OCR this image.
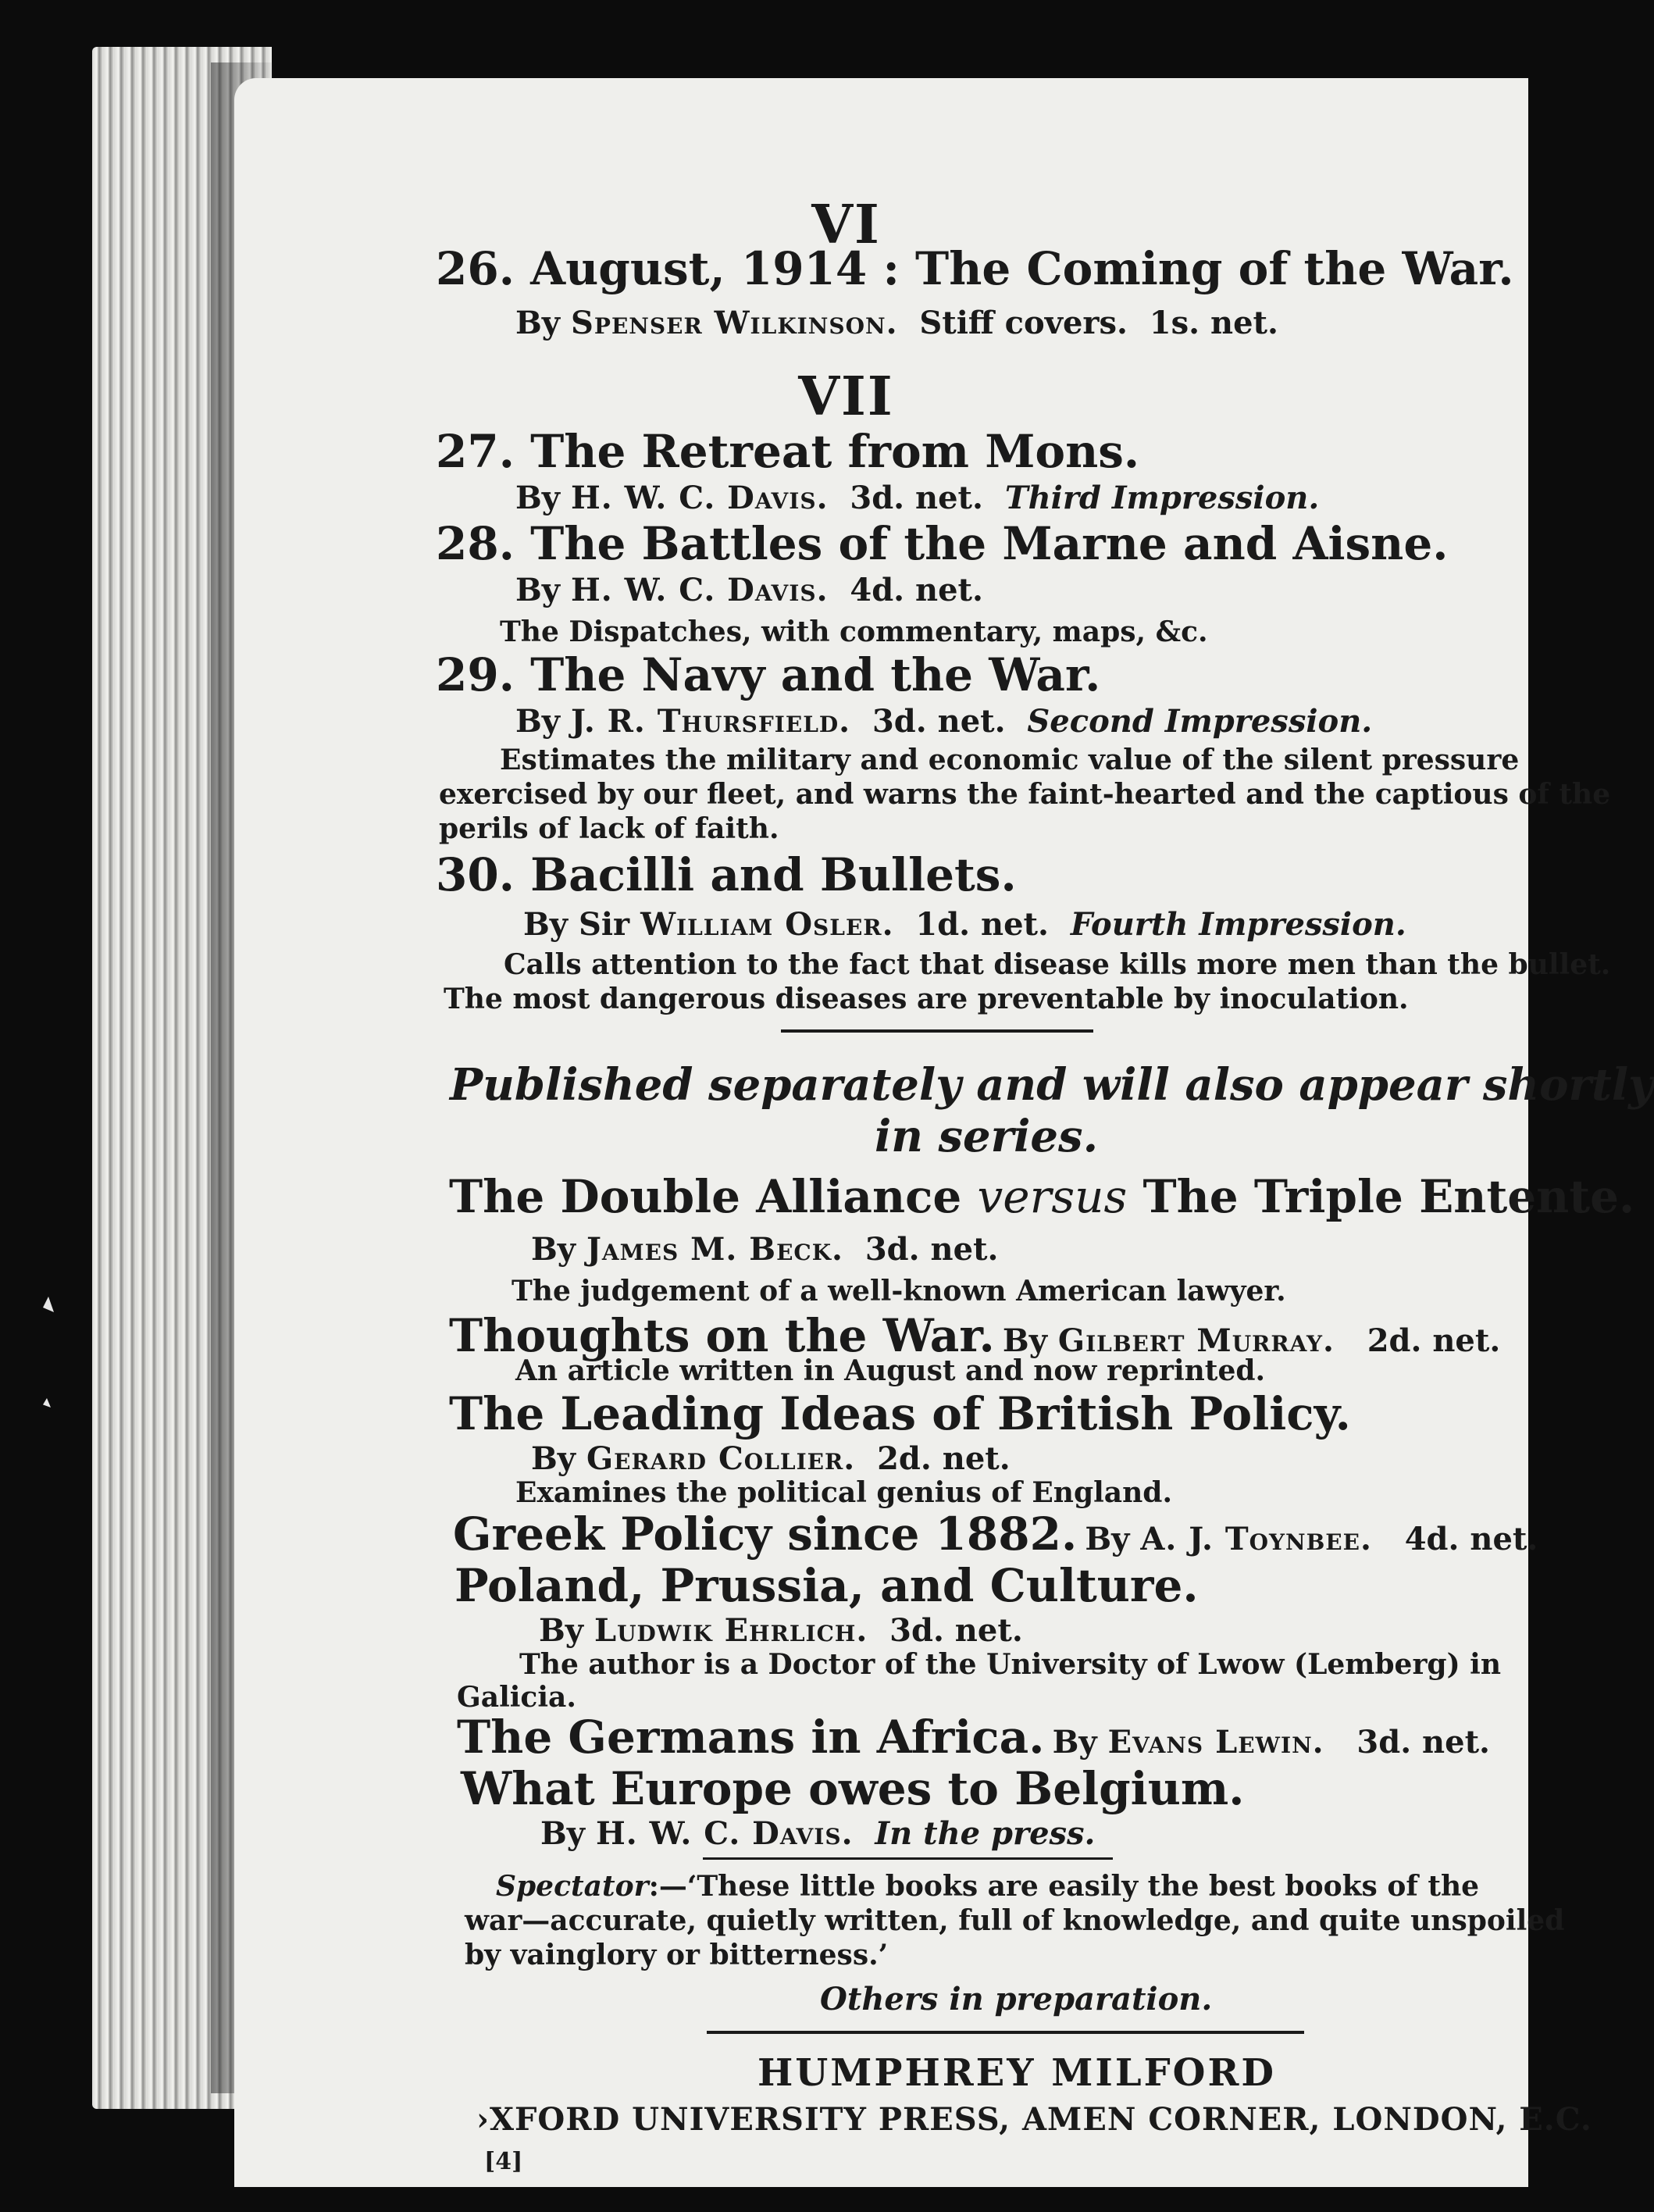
VI
26. August, 1914 : The Coming of the War.
By Spenser Wilkinson. Stiff covers. 1s. net.
VII
27. The Retreat from Mons.
By H. W. C. Davis. 3d. net. Third Impression.
28. The Battles of the Marne and Aisne.
By H. W. C. Davis. 4d. net.
The Dispatches, with commentary, maps, &c.
29. The Navy and the War.
By J. R. Thursfield. 3d. net. Second Impression.
Estimates the military and economic value of the silent pressure
exercised by our fleet, and warns the faint-hearted and the captious of the
perils of lack of faith.
30. Bacilli and Bullets.
By Sir William Osler. 1d. net. Fourth Impression.
Calls attention to the fact that disease kills more men than the bullet.
The most dangerous diseases are preventable by inoculation.
Published separately and will also appear shortly
in series.
The Double Alliance versus The Triple Entente.
By James M. Beck. 3d. net.
The judgement of a well-known American lawyer.
Thoughts on the War. By Gilbert Murray. 2d. net.
An article written in August and now reprinted.
The Leading Ideas of British Policy.
By Gerard Collier. 2d. net.
Examines the political genius of England.
Greek Policy since 1882. By A. J. Toynbee. 4d. net.
Poland, Prussia, and Culture.
By Ludwik Ehrlich. 3d. net.
The author is a Doctor of the University of Lwow (Lemberg) in
Galicia.
The Germans in Africa. By Evans Lewin. 3d. net.
What Europe owes to Belgium.
By H. W. C. Davis. In the press.
Spectator:—‘These little books are easily the best books of the
war—accurate, quietly written, full of knowledge, and quite unspoiled
by vainglory or bitterness.’
Others in preparation.
HUMPHREY MILFORD
›XFORD UNIVERSITY PRESS, AMEN CORNER, LONDON, E.C.
[4]
